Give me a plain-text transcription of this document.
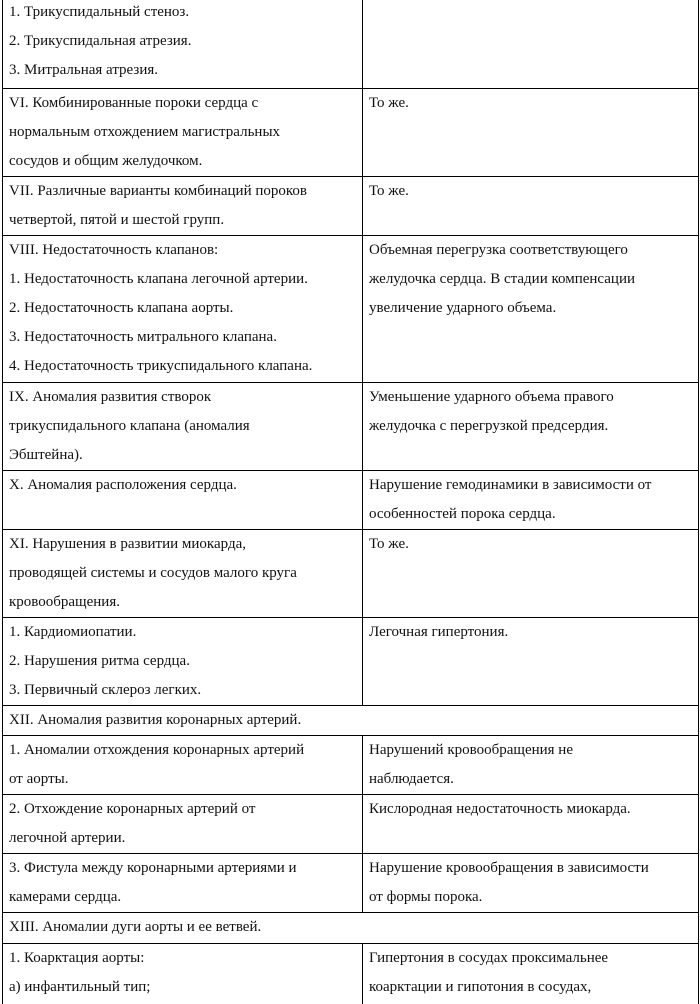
1. Трикуспидальный стеноз.
2. Трикуспидальная атрезия.
3. Митральная атрезия.	

VI. Комбинированные пороки сердца с
нормальным отхождением магистральных
сосудов и общим желудочком.	То же.

VII. Различные варианты комбинаций пороков
четвертой, пятой и шестой групп.	То же.

VIII. Недостаточность клапанов:
1. Недостаточность клапана легочной артерии.
2. Недостаточность клапана аорты.
3. Недостаточность митрального клапана.
4. Недостаточность трикуспидального клапана.	Объемная перегрузка соответствующего
желудочка сердца. В стадии компенсации
увеличение ударного объема.

IX. Аномалия развития створок
трикуспидального клапана (аномалия
Эбштейна).	Уменьшение ударного объема правого
желудочка с перегрузкой предсердия.

X. Аномалия расположения сердца.	Нарушение гемодинамики в зависимости от
особенностей порока сердца.

XI. Нарушения в развитии миокарда,
проводящей системы и сосудов малого круга
кровообращения.	То же.

1. Кардиомиопатии.
2. Нарушения ритма сердца.
3. Первичный склероз легких.	Легочная гипертония.

XII. Аномалия развития коронарных артерий.	

1. Аномалии отхождения коронарных артерий
от аорты.	Нарушений кровообращения не
наблюдается.

2. Отхождение коронарных артерий от
легочной артерии.	Кислородная недостаточность миокарда.

3. Фистула между коронарными артериями и
камерами сердца.	Нарушение кровообращения в зависимости
от формы порока.

XIII. Аномалии дуги аорты и ее ветвей.	

1. Коарктация аорты:
а) инфантильный тип;	Гипертония в сосудах проксимальнее
коарктации и гипотония в сосудах,
